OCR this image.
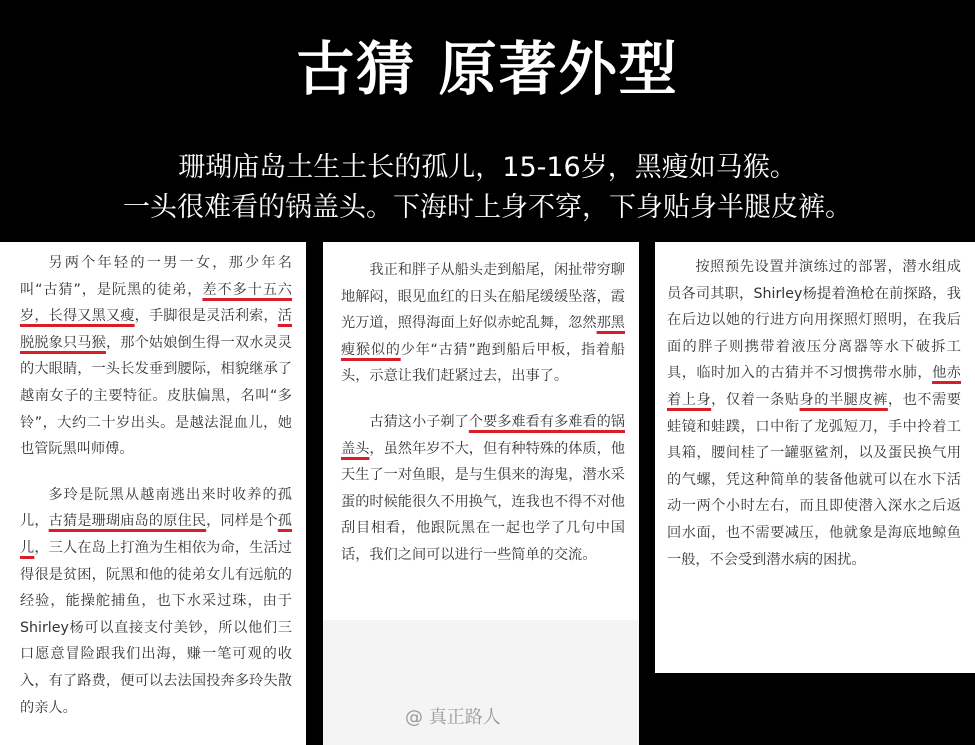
古猜 原著外型
珊瑚庙岛土生土长的孤儿，15-16岁，黑瘦如马猴。
一头很难看的锅盖头。下海时上身不穿，下身贴身半腿皮裤。

另两个年轻的一男一女，那少年名叫“古猜”，是阮黑的徒弟，差不多十五六岁，长得又黑又瘦，手脚很是灵活利索，活脱脱象只马猴，那个姑娘倒生得一双水灵灵的大眼睛，一头长发垂到腰际，相貌继承了越南女子的主要特征。皮肤偏黑，名叫“多铃”，大约二十岁出头。是越法混血儿，她也管阮黑叫师傅。

多玲是阮黑从越南逃出来时收养的孤儿，古猜是珊瑚庙岛的原住民，同样是个孤儿，三人在岛上打渔为生相依为命，生活过得很是贫困，阮黑和他的徒弟女儿有远航的经验，能操舵捕鱼，也下水采过珠，由于Shirley杨可以直接支付美钞，所以他们三口愿意冒险跟我们出海，赚一笔可观的收入，有了路费，便可以去法国投奔多玲失散的亲人。

我正和胖子从船头走到船尾，闲扯带穷聊地解闷，眼见血红的日头在船尾缓缓坠落，霞光万道，照得海面上好似赤蛇乱舞，忽然那黑瘦猴似的少年“古猜”跑到船后甲板，指着船头，示意让我们赶紧过去，出事了。

古猜这小子剃了个要多难看有多难看的锅盖头，虽然年岁不大，但有种特殊的体质，他天生了一对鱼眼，是与生俱来的海鬼，潜水采蛋的时候能很久不用换气，连我也不得不对他刮目相看，他跟阮黑在一起也学了几句中国话，我们之间可以进行一些简单的交流。

按照预先设置并演练过的部署，潜水组成员各司其职，Shirley杨提着渔枪在前探路，我在后边以她的行进方向用探照灯照明，在我后面的胖子则携带着液压分离器等水下破拆工具，临时加入的古猜并不习惯携带水肺，他赤着上身，仅着一条贴身的半腿皮裤，也不需要蛙镜和蛙蹼，口中衔了龙弧短刀，手中拎着工具箱，腰间桂了一罐驱鲨剂，以及蛋民换气用的气螺，凭这种简单的装备他就可以在水下活动一两个小时左右，而且即使潜入深水之后返回水面，也不需要减压，他就象是海底地鲸鱼一般，不会受到潜水病的困扰。

@ 真正路人
